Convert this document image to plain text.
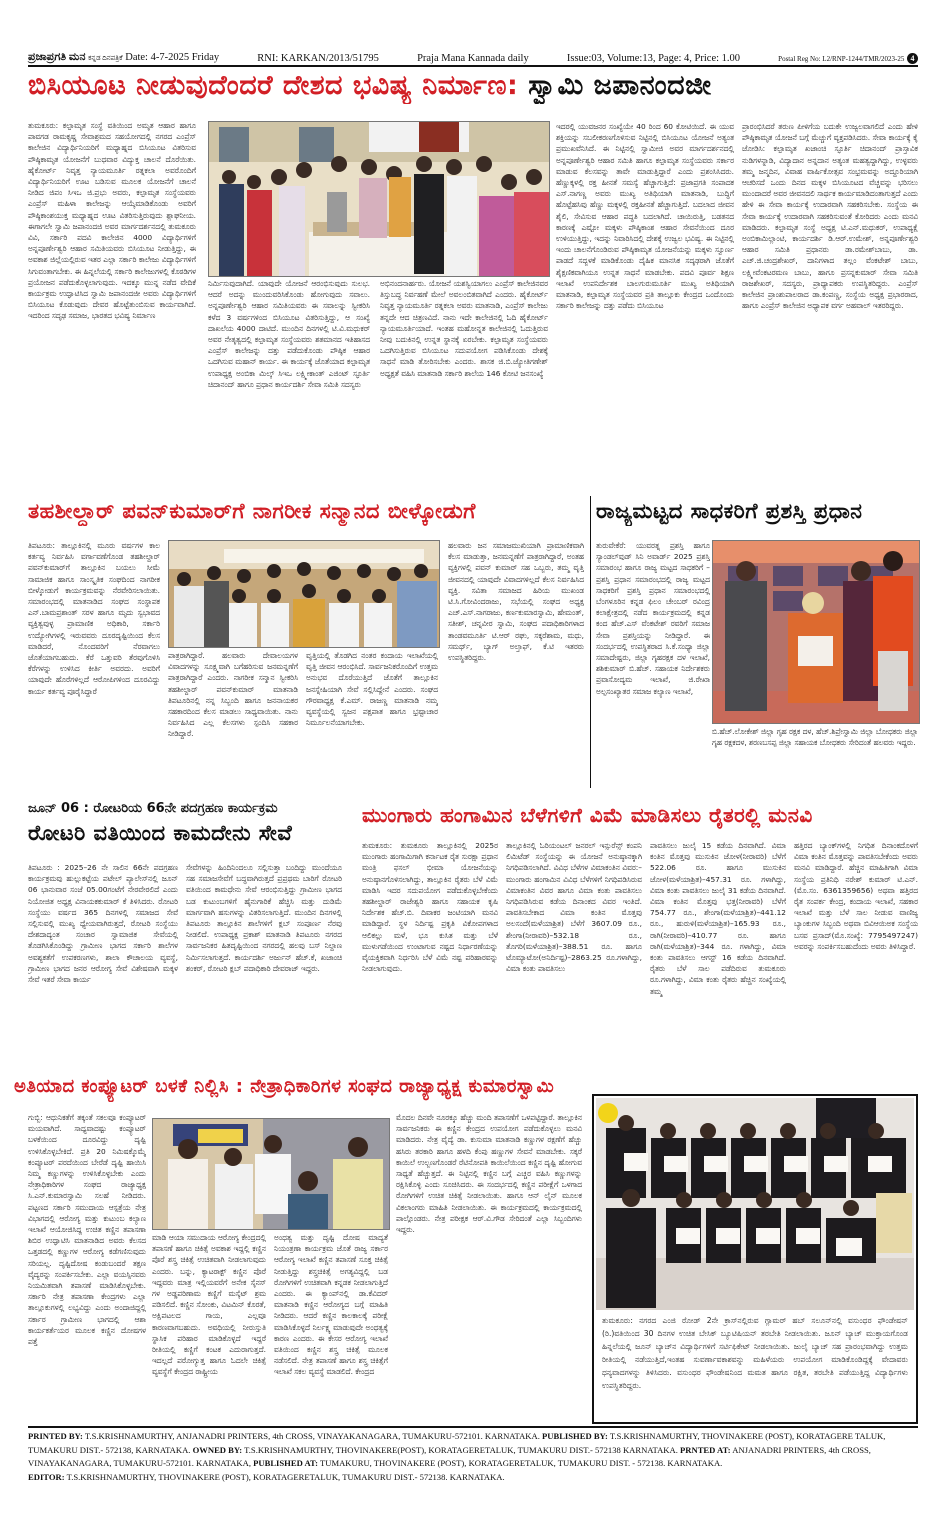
ಪ್ರಜಾಪ್ರಗತಿ ಮನ ಕನ್ನಡ ದಿನಪತ್ರಿಕೆ Date: 4-7-2025 Friday	RNI: KARKAN/2013/51795	Praja Mana Kannada daily	Issue:03, Volume:13, Page: 4, Price: 1.00	Postal Reg No: L2/RNP-1244/TMR/2023-25 4
ಬಿಸಿಯೂಟ ನೀಡುವುದೆಂದರೆ ದೇಶದ ಭವಿಷ್ಯ ನಿರ್ಮಾಣ: ಸ್ವಾಮಿ ಜಪಾನಂದಜೀ
ತುಮಕೂರು: ಕಲ್ಪಾಮೃತ ಸಂಸ್ಥೆ ವತಿಯಿಂದ ಅಮೃತ ಆಹಾರ ಹಾಗೂ ಪಾವಗಡ ರಾಮಕೃಷ್ಣ ಸೇವಾಶ್ರಮದ ಸಹಯೋಗದಲ್ಲಿ ನಗರದ ಎಂಪ್ರೆಸ್ ಕಾಲೇಜಿನ ವಿದ್ಯಾರ್ಥಿನಿಯರಿಗೆ ಮಧ್ಯಾಹ್ನದ ಬಿಸಿಯೂಟ ವಿತರಿಸುವ ಪೌಷ್ಠಿಕಾಮೃತ ಯೋಜನೆಗೆ ಬುಧವಾರ ವಿದ್ಯುಕ್ತ ಚಾಲನೆ ದೊರೆಯಿತು. ಹೈಕೋರ್ಟ್ ನಿವೃತ್ತ ನ್ಯಾಯಮೂರ್ತಿ ರತ್ನಕಲಾ ಅವರೊಂದಿಗೆ ವಿದ್ಯಾರ್ಥಿನಿಯರಿಗೆ ಊಟ ಬಡಿಸುವ ಮೂಲಕ ಯೋಜನೆಗೆ ಚಾಲನೆ ನೀಡಿದ ಜಿಪಂ ಸಿಇಒ ಜಿ.ಪ್ರಭು ಅವರು, ಕಲ್ಪಾಮೃತ ಸಂಸ್ಥೆಯವರು ಎಂಪ್ರೆಸ್ ಮಹಿಳಾ ಕಾಲೇಜನ್ನು ಆಯ್ಕೆಮಾಡಿಕೊಂಡು ಅವರಿಗೆ ಪೌಷ್ಠಿಕಾಂಶಯುಕ್ತ ಮಧ್ಯಾಹ್ನದ ಊಟ ವಿತರಿಸುತ್ತಿರುವುದು ಶ್ಲಾಘನೀಯ. ಈಗಾಗಲೇ ಸ್ವಾಮಿ ಜಪಾನಂದಜಿ ಅವರ ಮಾರ್ಗದರ್ಶನದಲ್ಲಿ ತುಮಕೂರು ವಿವಿ, ಸರ್ಕಾರಿ ಪದವಿ ಕಾಲೇಜಿನ 4000 ವಿದ್ಯಾರ್ಥಿಗಳಿಗೆ ಅನ್ನಪೂರ್ಣೇಶ್ವರಿ ಆಹಾರ ಸಮಿತಿಯವರು ಬಿಸಿಯೂಟ ನೀಡುತ್ತಿದ್ದು, ಈ ಅವಕಾಶ ಜಿಲ್ಲೆಯಲ್ಲಿರುವ ಇತರ ಎಲ್ಲಾ ಸರ್ಕಾರಿ ಕಾಲೇಜು ವಿದ್ಯಾರ್ಥಿಗಳಿಗೆ ಸಿಗುವಂತಾಗಬೇಕು. ಈ ಹಿನ್ನಲೆಯಲ್ಲಿ ಸರ್ಕಾರಿ ಕಾಲೇಜುಗಳಲ್ಲಿ ಕೊಠಡಿಗಳ ಪ್ರಯೋಜನ ಪಡೆದುಕೊಳ್ಳಲಾಗುವುದು. ಇದಕ್ಕೂ ಮುನ್ನ ನಡೆದ ವೇದಿಕೆ ಕಾರ್ಯಕ್ರಮ ಉದ್ಘಾಟಿಸಿದ ಸ್ವಾಮಿ ಜಪಾನಂದಜೀ ಅವರು ವಿದ್ಯಾರ್ಥಿಗಳಿಗೆ ಬಿಸಿಯೂಟ ಕೊಡುವುದು ದೇವರ ಹೊಟ್ಟೆತುಂಬಿಸುವ ಕಾರ್ಯವಾಗಿದೆ. ಇದರಿಂದ ಸದೃಢ ಸಮಾಜ, ಭಾರತದ ಭವಿಷ್ಯ ನಿರ್ಮಾಣ
ನಿರ್ಮಿಸುವುದಾಗಿದೆ. ಯಾವುದೇ ಯೋಜನೆ ಆರಂಭಿಸುವುದು ಸುಲಭ. ಆದರೆ ಅದನ್ನು ಮುಂದುವರಿಸಿಕೊಂಡು ಹೋಗುವುದು ಸವಾಲು. ಅನ್ನಪೂರ್ಣೇಶ್ವರಿ ಆಹಾರ ಸಮಿತಿಯವರು ಈ ಸವಾಲನ್ನು ಸ್ವೀಕರಿಸಿ ಕಳೆದ 3 ವರ್ಷಗಳಿಂದ ಬಿಸಿಯೂಟ ವಿತರಿಸುತ್ತಿದ್ದು, ಆ ಸಂಖ್ಯೆ ದಾಖಲೆಯ 4000 ದಾಟಿದೆ. ಮುಂದಿನ ದಿನಗಳಲ್ಲಿ ಟಿ.ವಿ.ಮಧುಕರ್ ಅವರ ನೇತೃತ್ವದಲ್ಲಿ ಕಲ್ಪಾಮೃತ ಸಂಸ್ಥೆಯವರು ಶತಮಾನದ ಇತಿಹಾಸದ ಎಂಪ್ರೆಸ್ ಕಾಲೇಜನ್ನು ದತ್ತು ಪಡೆದುಕೊಂಡು ಪೌಷ್ಠಿಕ ಆಹಾರ ಒದಗಿಸುವ ಮಹಾನ್ ಕಾರ್ಯ. ಈ ಕಾರ್ಯಕ್ಕೆ ಜೊತೆಯಾದ ಕಲ್ಪಾಮೃತ ಉಪಾಧ್ಯಕ್ಷ ಅಂಬಿಕಾ ಮಿಲ್ಕ್ ಸಿಇಒ ಲಕ್ಷ್ಮೀಕಾಂತ್ ಎಜಿಂಟ್ ಸ್ಫೂರ್ತಿ ಚಿದಾನಂದ್ ಹಾಗೂ ಪ್ರಧಾನ ಕಾರ್ಯದರ್ಶಿ ಸೇವಾ ಸಮಿತಿ ಸದಸ್ಯರು
ಅಭಿನಂದನಾರ್ಹರು. ಯೋಜನೆ ಯಶಸ್ವಿಯಾಗಲು ಎಂಪ್ರೆಸ್ ಕಾಲೇಜಿನವರ ತಿಸ್ತುಬದ್ಧ ನಿರ್ವಹಣೆ ಮೇಲೆ ಅವಲಂಬಿತವಾಗಿದೆ ಎಂದರು. ಹೈಕೋರ್ಟ್ ನಿವೃತ್ತ ನ್ಯಾಯಮೂರ್ತಿ ರತ್ನಕಲಾ ಅವರು ಮಾತನಾಡಿ, ಎಂಪ್ರೆಸ್ ಕಾಲೇಜು ತನ್ನದೇ ಆದ ಚಿತ್ರಣವಿದೆ. ನಾನು ಇದೇ ಕಾಲೇಜಿನಲ್ಲಿ ಓದಿ ಹೈಕೋರ್ಟ್ ನ್ಯಾಯಮೂರ್ತಿಯಾದೆ. ಇಂತಹ ಮಹೋನ್ನತ ಕಾಲೇಜಿನಲ್ಲಿ ಓದುತ್ತಿರುವ ನೀವು ಬದುಕಿನಲ್ಲಿ ಉನ್ನತ ಸ್ಥಾನಕ್ಕೆ ಏರಬೇಕು. ಕಲ್ಪಾಮೃತ ಸಂಸ್ಥೆಯವರು ಒದಗಿಸುತ್ತಿರುವ ಬಿಸಿಯೂಟ ಸದುಪಯೋಗ ಪಡಿಸಿಕೊಂಡು ದೇಶಕ್ಕೆ ಸಾಧನೆ ಮಾಡಿ ತೋರಿಸಬೇಕು ಎಂದರು. ಶಾಸಕ ಜಿ.ಬಿ.ಜ್ಯೋತಿಗಣೇಶ್ ಅಧ್ಯಕ್ಷತೆ ವಹಿಸಿ ಮಾತನಾಡಿ ಸರ್ಕಾರಿ ಶಾಲೆಯ 146 ಕೋಟಿ ಜನಸಂಖ್ಯೆ
ಇದರಲ್ಲಿ ಯುವಜನರ ಸಂಖ್ಯೆಯೇ 40 ರಿಂದ 60 ಕೋಟಿಯಿದೆ. ಈ ಯುವ ಶಕ್ತಿಯನ್ನು ಸಬಲೀಕರಣಗೊಳಿಸುವ ನಿಟ್ಟಿನಲ್ಲಿ ಬಿಸಿಯೂಟ ಯೋಜನೆ ಅತ್ಯಂತ ಪ್ರಮುಖವೆನಿಸಿದೆ. ಈ ನಿಟ್ಟಿನಲ್ಲಿ ಸ್ವಾಮೀಜಿ ಅವರ ಮಾರ್ಗದರ್ಶನದಲ್ಲಿ ಅನ್ನಪೂರ್ಣೇಶ್ವರಿ ಆಹಾರ ಸಮಿತಿ ಹಾಗೂ ಕಲ್ಪಾಮೃತ ಸಂಸ್ಥೆಯವರು ಸರ್ಕಾರ ಮಾಡುವ ಕೆಲಸವನ್ನು ತಾವೇ ಮಾಡುತ್ತಿದ್ದಾರೆ ಎಂದು ಪ್ರಶಂಸಿಸಿದರು. ಹೆಣ್ಣುಕ್ಕಳಲ್ಲಿ ರಕ್ತ ಹೀನತೆ ಸಮಸ್ಯೆ ಹೆಚ್ಚಾಗುತ್ತಿದೆ: ಪ್ರಜಾಪ್ರಗತಿ ಸಂಪಾದಕ ಎಸ್.ನಾಗಣ್ಣ ಅವರು ಮುಖ್ಯ ಅತಿಥಿಯಾಗಿ ಮಾತನಾಡಿ, ಬುದ್ಧಿಗೆ ಹೊಟ್ಟೆಹಸಿವು ಹೆಣ್ಣು ಮಕ್ಕಳಲ್ಲಿ ರಕ್ತಹೀನತೆ ಹೆಚ್ಚಾಗುತ್ತಿದೆ. ಬದಲಾದ ಜೀವನ ಶೈಲಿ, ಸೇವಿಸುವ ಆಹಾರ ಪದ್ಧತಿ ಬದಲಾಗಿದೆ. ಚಾಯಿರುತ್ತಿ, ಬಡತನದ ಕಾರಣಕ್ಕೆ ಎಷ್ಟೋ ಮಕ್ಕಳು ಪೌಷ್ಠಿಕಾಂಶ ಆಹಾರ ಸೇವನೆಯಿಂದ ದೂರ ಉಳಿಯುತ್ತಿದ್ದು, ಇದನ್ನು ನಿವಾರಿಸಿದಲ್ಲಿ ದೇಶಕ್ಕೆ ಉಜ್ವಲ ಭವಿಷ್ಯ. ಈ ನಿಟ್ಟಿನಲ್ಲಿ ಇಂದು ಚಾಲನೆಗೊಂಡಿರುವ ಪೌಷ್ಠಿಕಾಮೃತ ಯೋಜನೆಯನ್ನು ಮಕ್ಕಳು ಸ್ವೂರ್ಣ ಪಾಡದೆ ಸದ್ಬಳಕೆ ಮಾಡಿಕೊಂಡು ದೈಹಿಕ ಮಾನಸಿಕ ಸದೃಢರಾಗಿ ಜೊತೆಗೆ ಶೈಕ್ಷಣಿಕವಾಗಿಯೂ ಉನ್ನತ ಸಾಧನೆ ಮಾಡಬೇಕು. ಪದವಿ ಪೂರ್ವ ಶಿಕ್ಷಣ ಇಲಾಖೆ ಉಪನಿರ್ದೇಶಕ ಬಾಲಗುರುಮೂರ್ತಿ ಮುಖ್ಯ ಅತಿಥಿಯಾಗಿ ಮಾತನಾಡಿ, ಕಲ್ಪಾಮೃತ ಸಂಸ್ಥೆಯವರ ಪ್ರತಿ ತಾಲ್ಲೂಕು ಕೇಂದ್ರದ ಒಂದೊಂದು ಸರ್ಕಾರಿ ಕಾಲೇಜನ್ನು ದತ್ತು ಪಡೆದು ಬಿಸಿಯೂಟ
ಪ್ರಾರಂಭಿಸಿದರೆ ತರುಣ ಪೀಳಿಗೆಯ ಬದುಕೇ ಉಜ್ವಲವಾಗಲಿದೆ ಎಂದು ಹೇಳಿ ಪೌಷ್ಠಿಕಾಮೃತ ಯೋಜನೆ ಬಗ್ಗೆ ಮೆಚ್ಚುಗೆ ವ್ಯಕ್ತಪಡಿಸಿದರು. ಸೇವಾ ಕಾರ್ಯಕ್ಕೆ ಕೈ ಜೋಡಿಸಿ: ಕಲ್ಪಾಮೃತ ಖಜಾಂಚಿ ಸ್ಫೂರ್ತಿ ಚಿದಾನಂದ್ ಪ್ರಾಸ್ತಾವಿಕ ನುಡಿಗಳನ್ನಾಡಿ, ವಿದ್ಯಾದಾನ ಅನ್ನದಾನ ಅತ್ಯಂತ ಮಹತ್ವದ್ದಾಗಿದ್ದು, ಉಳ್ಳವರು ತಮ್ಮ ಜನ್ಮದಿನ, ವಿವಾಹ ವಾರ್ಷಿಕೋತ್ಸವ ಸಂಭ್ರಮವನ್ನು ಅದ್ದೂರಿಯಾಗಿ ಆಚರಿಸದೆ ಒಂದು ದಿನದ ಮಕ್ಕಳ ಬಿಸಿಯೂಟದ ವೆಚ್ಚವನ್ನು ಭರಿಸಲು ಮುಂದಾದರೆ ಅವರ ಜೀವನದಲಿ ಸಾರ್ಥಕ ಕಾರ್ಯಮಾಡಿದಂತಾಗುತ್ತದೆ ಎಂದು ಹೇಳಿ ಈ ಸೇವಾ ಕಾರ್ಯಕ್ಕೆ ಉದಾರವಾಗಿ ಸಹಕರಿಸಬೇಕು. ಸಂಸ್ಥೆಯ ಈ ಸೇವಾ ಕಾರ್ಯಕ್ಕೆ ಉದಾರವಾಗಿ ಸಹಕರಿಸುವಂತೆ ಕೋರಿದರು ಎಂದು ಮನವಿ ಮಾಡಿದರು. ಕಲ್ಪಾಮೃತ ಸಂಸ್ಥೆ ಅಧ್ಯಕ್ಷ ಟಿ.ಎನ್.ಮಧುಕರ್, ಉಪಾಧ್ಯಕ್ಷೆ ಅಂಬಿಕಾಮಿಲ್ಲಾಂಟಿ, ಕಾರ್ಯದರ್ಶಿ ಡಿ.ಆರ್.ಉಮೇಶ್, ಅನ್ನಪೂರ್ಣೇಶ್ವರಿ ಆಹಾರ ಸಮಿತಿ ಪ್ರಧಾನರು ಡಾ.ರಮೇಶ್‌ಬಾಬು, ಡಾ. ಎಚ್.ಜಿ.ಚಂದ್ರಶೇಖರ್, ದಾನಿಗಳಾದ ತಲ್ಲಂ ವೆಂಕಟೇಶ್ ಬಾಬು, ಲಕ್ಷ್ಮೀವೆಂಕಟರಮಣ ಬಾಬು, ಹಾಗೂ ಪ್ರಸನ್ನಕುಮಾರ್ ಸೇವಾ ಸಮಿತಿ ರಾಜಶೇಖರ್, ಸದಸ್ಯರು, ಪ್ರಾಧ್ಯಾಪಕರು ಉಪಸ್ಥಿತರಿದ್ದರು. ಎಂಪ್ರೆಸ್ ಕಾಲೇಜಿನ ಪ್ರಾಂಶುಪಾಲರಾದ ಡಾ.ಕಂಪಣ್ಣ, ಸಂಸ್ಥೆಯ ಅಧ್ಯಕ್ಷ ಪ್ರಭಾರರಾದ, ಹಾಗೂ ಎಂಪ್ರೆಸ್ ಕಾಲೇಜಿನ ಅಧ್ಯಾಪಕ ವರ್ಗ ಅಹವಾಲ್ ಇತರರಿದ್ದರು.
ತಹಶೀಲ್ದಾರ್ ಪವನ್‌ಕುಮಾರ್‌ಗೆ ನಾಗರೀಕ ಸನ್ಮಾನದ ಬೀಳ್ಕೋಡುಗೆ
ತಿಪಟೂರು: ತಾಲ್ಲೂಕಿನಲ್ಲಿ ಮೂರು ವರ್ಷಗಳ ಕಾಲ ಕರ್ತವ್ಯ ನಿರ್ವಹಿಸಿ ವರ್ಗಾವಣೆಗೊಂಡ ತಹಶೀಲ್ದಾರ್ ಪವನ್‌ಕುಮಾರ್‌ಗೆ ತಾಲ್ಲೂಕಿನ ಬಯಲು ಸೀಮೆ ಸಾಮಾಜಿಕ ಹಾಗೂ ಸಾಂಸ್ಕೃತಿಕ ಸಂಘದಿಂದ ನಾಗರೀಕ ಬೀಳ್ಕೋಡುಗೆ ಕಾರ್ಯಕ್ರಮವನ್ನು ನೆರವೇರಿಸಲಾಯಿತು. ಸಮಾರಂಭದಲ್ಲಿ ಮಾತನಾಡಿದ ಸಂಘದ ಸಂಸ್ಥಾಪಕ ಎನ್.ಬಾಮಪ್ರಶಾಂತ್ ಸರಳ ಹಾಗೂ ಮೃದು ಸ್ವಭಾವದ ವ್ಯಕ್ತಿತ್ವವುಳ್ಳ ಪ್ರಾಮಾಣಿಕ ಅಧಿಕಾರಿ, ಸರ್ಕಾರಿ ಉದ್ಯೋಗಿಗಳಲ್ಲಿ ಇರುವವರು ದೂರದೃಷ್ಟಿಯಿಂದ ಕೆಲಸ ಮಾಡಿದರೆ, ನೊಂದವರಿಗೆ ನೆರವಾಗಲು ಜೊತೆಯಾಗಬಹುದು. ಕೆರೆ ಒತ್ತುವರಿ ತೆರವುಗೊಳಿಸಿ ಕೆರೆಗಳನ್ನು ಉಳಿಸಿದ ಕೀರ್ತಿ ಅವರದು. ಅವರಿಗೆ ಯಾವುದೇ ಹೊರೆಗಳಿಲ್ಲದೆ ಆರೋಪಿಗಳಿಂದ ದೂರವಿದ್ದು ಕಾರ್ಯ ಕರ್ತವ್ಯ ಪೂರೈಸಿದ್ದಾರೆ
ಪಾತ್ರರಾಗಿದ್ದಾರೆ. ಹಲವಾರು ದೇವಾಲಯಗಳ ವಿವಾದಗಳನ್ನು ಸೂಕ್ಷ್ಮವಾಗಿ ಬಗೆಹರಿಸುವ ಜನಮನ್ನಣೆಗೆ ಪಾತ್ರರಾಗಿದ್ದಾರೆ ಎಂದರು. ನಾಗರೀಕ ಸನ್ಮಾನ ಸ್ವೀಕರಿಸಿ ತಹಶೀಲ್ದಾರ್ ಪವನ್‌ಕುಮಾರ್ ಮಾತನಾಡಿ ತಿಪಟೂರಿನಲ್ಲಿ ನನ್ನ ಸಿಬ್ಬಂದಿ ಹಾಗೂ ಜನನಾಯಕರ ಸಹಕಾರದಿಂದ ಕೆಲಸ ಮಾಡಲು ಸಾಧ್ಯವಾಯಿತು. ನಾನು ನಿರ್ವಹಿಸಿದ ಎಲ್ಲ ಕೆಲಸಗಳು ಸ್ಪಂದಿಸಿ ಸಹಕಾರ ನೀಡಿದ್ದಾರೆ.
ವೃತ್ತಿಯಲ್ಲಿ ತೊಡಗಿದ ನಂತರ ಕಂದಾಯ ಇಲಾಖೆಯಲ್ಲಿ ವೃತ್ತಿ ಜೀವನ ಆರಂಭಿಸಿದೆ. ಸಾರ್ವಜನಿಕರೊಂದಿಗೆ ಉತ್ತಮ ಅನುಭವ ದೊರೆಯುತ್ತಿದೆ ಜೊತೆಗೆ ತಾಲ್ಲೂಕಿನ ಜನಸ್ನೇಹಿಯಾಗಿ ಸೇವೆ ಸಲ್ಲಿಸಿದ್ದೇನೆ ಎಂದರು. ಸಂಘದ ಗೌರವಾಧ್ಯಕ್ಷ ಕೆ.ಎಮ್. ರಾಜಣ್ಣ ಮಾತನಾಡಿ ನಮ್ಮ ವ್ಯವಸ್ಥೆಯಲ್ಲಿ ಸ್ವಜನ ಪಕ್ಷಪಾತ ಹಾಗೂ ಭ್ರಷ್ಟಾಚಾರ ನಿರ್ಮೂಲನೆಯಾಗಬೇಕು.
ಹಲವಾರು ಜನ ಸಮಾಜಮುಖಿಯಾಗಿ ಪ್ರಾಮಾಣಿಕವಾಗಿ ಕೆಲಸ ಮಾಡುತ್ತಾ, ಜನಮನ್ನಣೆಗೆ ಪಾತ್ರರಾಗಿದ್ದಾರೆ, ಅಂತಹ ವ್ಯಕ್ತಿಗಳಲ್ಲಿ ಪವನ್ ಕುಮಾರ್ ಸಹ ಒಬ್ಬರು, ತಮ್ಮ ವೃತ್ತಿ ಜೀವನದಲ್ಲಿ ಯಾವುದೇ ವಿವಾದಗಳಿಲ್ಲದೆ ಕೆಲಸ ನಿರ್ವಹಿಸಿದ ವ್ಯಕ್ತಿ. ಸವಿತಾ ಸಮಾಜದ ಹಿರಿಯ ಮುಖಂಡ ಟಿ.ಸಿ.ಗೋವಿಂದರಾಜು, ಸಭೆಯಲ್ಲಿ ಸಂಘದ ಅಧ್ಯಕ್ಷ ಎಚ್.ಎಸ್.ನಾಗರಾಜು, ಕರ್ಣಕುಮಾರಸ್ವಾಮಿ, ಹೇಮಂತ್, ಸತೀಶ್, ಚನ್ನವೀರ ಸ್ವಾಮಿ, ಸಂಘದ ಪದಾಧಿಕಾರಿಗಳಾದ ತಾಂಡವಮೂರ್ತಿ ಟಿ.ಆರ್ ರಘು, ಸಕ್ಕರೆಶಾಮ, ಮಧು, ಸಮರ್ಥ್, ಬ್ಯಾಗ್ ಅಲ್ತಾಫ್, ಕೆ.ಟಿ ಇತರರು ಉಪಸ್ಥಿತರಿದ್ದರು.
ರಾಜ್ಯಮಟ್ಟದ ಸಾಧಕರಿಗೆ ಪ್ರಶಸ್ತಿ ಪ್ರಧಾನ
ತುರುವೇಕೆರೆ: ಯುವರತ್ನ ಪ್ರಶಸ್ತಿ ಹಾಗೂ ಸ್ಯಾಂಡಲ್‌ವುಡ್ ಸಿನಿ ಅವಾರ್ಡ್ 2025 ಪ್ರಶಸ್ತಿ ಸಮಾರಂಭ ಹಾಗೂ ರಾಜ್ಯ ಮಟ್ಟದ ಸಾಧಕರಿಗೆ – ಪ್ರಶಸ್ತಿ ಪ್ರಧಾನ ಸಮಾರಂಭದಲ್ಲಿ ರಾಜ್ಯ ಮಟ್ಟದ ಸಾಧಕರಿಗೆ ಪ್ರಶಸ್ತಿ ಪ್ರಧಾನ ಸಮಾರಂಭದಲ್ಲಿ ಬೆಂಗಳೂರಿನ ಕನ್ನಡ ಫಿಲಂ ಚೇಂಬರ್ ರವಿಂದ್ರ ಕಲಾಕ್ಷೇತ್ರದಲ್ಲಿ ನಡೆದ ಕಾರ್ಯಕ್ರಮದಲ್ಲಿ ಕನ್ನಡ ಕಂದ ಹೆಚ್.ಎಸ್ ವೆಂಕಟೇಶ್ ರವರಿಗೆ ಸಮಾಜ ಸೇವಾ ಪ್ರಶಸ್ತಿಯನ್ನು ನೀಡಿದ್ದಾರೆ. ಈ ಸಂದರ್ಭದಲ್ಲಿ ಉಪಸ್ಥಿತರಾದ ಸಿ.ಕೆ.ಸಂಧ್ಯಾ ಜಿಲ್ಲಾ ಸಮಾದೇಷ್ಟರು, ಜಿಲ್ಲಾ ಗೃಹರಕ್ಷಕ ದಳ ಇಲಾಖೆ, ಶಶಿಕುಮಾರ್ ಬಿ.ಹೆಚ್. ಸಹಾಯಕ ನಿರ್ದೇಶಕರು ಪ್ರವಾಸೋದ್ಯಮ ಇಲಾಖೆ, ಜಿ.ರೇಖಾ ಅಲ್ಪಸಂಖ್ಯಾತರ ಸಮಾಜ ಕಲ್ಯಾಣ ಇಲಾಖೆ,
ಬಿ.ಹೆಚ್.ಲೋಕೇಶ್ ಜಿಲ್ಲಾ ಗೃಹ ರಕ್ಷಕ ದಳ, ಹೆಚ್.ಶಿಪ್ರೇಸ್ವಾಮಿ ಜಿಲ್ಲಾ ಬೋಧಕರು ಜಿಲ್ಲಾ ಗೃಹ ರಕ್ಷಕದಳ, ಶರಣಬಸಪ್ಪ ಜಿಲ್ಲಾ ಸಹಾಯಕ ಬೋಧಕರು ಸೇರಿದಂತೆ ಹಲವರು ಇದ್ದರು.
ಜೂನ್ 06 : ರೋಟರಿಯ 66ನೇ ಪದಗ್ರಹಣ ಕಾರ್ಯಕ್ರಮ
ರೋಟರಿ ವತಿಯಿಂದ ಕಾಮದೇನು ಸೇವೆ
ತಿಪಟೂರು : 2025–26 ನೇ ಸಾಲಿನ 66ನೇ ಪದಗ್ರಹಣ ಕಾರ್ಯಕ್ರಮವು ಹುಲ್ಲುಕಟ್ಟೆಯ ಪಟೇಲ್ ಪ್ಯಾಲೇಸ್‌ನಲ್ಲಿ ಜೂನ್ 06 ಭಾನುವಾರ ಸಂಜೆ 05.00ಗಂಟೆಗೆ ನೇರವೇರಲಿದೆ ಎಂದು ನಿಯೋಜಿತ ಅಧ್ಯಕ್ಷ ವಿನಾಯಕಕುಮಾರ್ ಕೆ ತಿಳಿಸಿದರು. ರೋಟರಿ ಸಂಸ್ಥೆಯು ವರ್ಷದ 365 ದಿನಗಳಲ್ಲಿ ಸಮಾಜದ ಸೇವೆ ಸಲ್ಲಿಸುವಲ್ಲಿ ಮುಖ್ಯ ಧ್ಯೇಯವಾಗಿರುತ್ತದೆ, ರೋಟರಿ ಸಂಸ್ಥೆಯು ದೇಶದಾದ್ಯಂತ ಸಂಚಾರ ಸ್ವಾಮಾಜಿಕ ಸೇವೆಯಲ್ಲಿ ತೊಡಗಿಸಿಕೊಂಡಿದ್ದು ಗ್ರಾಮೀಣ ಭಾಗದ ಸರ್ಕಾರಿ ಶಾಲೆಗಳ ಅವಶ್ಯಕತೆಗೆ ಉಪಕರಣಗಳು, ಶಾಲಾ ಕೌಚಾಲಯ ವ್ಯವಸ್ಥೆ, ಗ್ರಾಮೀಣ ಭಾಗದ ಜನರ ಆರೋಗ್ಯ ಸೇವೆ ವಿಶೇಷವಾಗಿ ಮಕ್ಕಳ ಸೇವೆ ಇತರೆ ಸೇವಾ ಕಾರ್ಯ
ಸೇವೆಗಳನ್ನು ಹಿಂದಿನಿಂದಲೂ ಸಲ್ಲಿಸುತ್ತಾ ಬಂದಿದ್ದು ಮುಂದೆಯೂ ಸಹ ಸಮಾಜಸೇವೆಗೆ ಬದ್ಧವಾಗಿರುತ್ತದೆ ಪ್ರಪ್ರಥಮ ಬಾರಿಗೆ ರೋಟರಿ ವತಿಯಿಂದ ಕಾಮಧೇನು ಸೇವೆ ಆರಂಭಿಸುತ್ತಿದ್ದು ಗ್ರಾಮೀಣ ಭಾಗದ ಬಡ ಕುಟುಂಬಗಳಿಗೆ ಹೈನುಗಾರಿಕೆ ಹೆಚ್ಚಿಸಿ ಮತ್ತು ದುಡಿಮೆ ಮಾರ್ಗವಾಗಿ ಹಸುಗಳನ್ನು ವಿತರಿಸಲಾಗುತ್ತಿದೆ. ಮುಂದಿನ ದಿನಗಳಲ್ಲಿ ತಿಪಟೂರು ತಾಲ್ಲೂಕಿನ ಶಾಲೆಗಳಿಗೆ ಕ್ಲಬ್ ಸಂಪೂರ್ಣ ನೆರವು ನೀಡಲಿದೆ. ಉಪಾಧ್ಯಕ್ಷ ಪ್ರಕಾಶ್ ಮಾತನಾಡಿ ತಿಪಟೂರು ನಗರದ ಸಾರ್ವಜನಿಕರ ಹಿತದೃಷ್ಟಿಯಿಂದ ನಗರದಲ್ಲಿ ಹಲವು ಬಸ್ ನಿಲ್ದಾಣ ನಿರ್ಮಿಸಲಾಗುತ್ತದೆ. ಕಾರ್ಯದರ್ಶಿ ಅರ್ಜುನ್ ಹೆಚ್.ಕೆ, ಖಜಾಂಚಿ ಶಂಕರ್, ರೋಟರಿ ಕ್ಲಬ್ ಪದಾಧಿಕಾರಿ ದೇವರಾಜ್ ಇದ್ದರು.
ಮುಂಗಾರು ಹಂಗಾಮಿನ ಬೆಳೆಗಳಿಗೆ ವಿಮೆ ಮಾಡಿಸಲು ರೈತರಲ್ಲಿ ಮನವಿ
ತುಮಕೂರು: ತುಮಕೂರು ತಾಲ್ಲೂಕಿನಲ್ಲಿ 2025ರ ಮುಂಗಾರು ಹಂಗಾಮಿಗಾಗಿ ಕರ್ನಾಟಕ ರೈತ ಸುರಕ್ಷಾ ಪ್ರಧಾನ ಮಂತ್ರಿ ಫಸಲ್ ಭೀಮಾ ಯೋಜನೆಯನ್ನು ಅನುಷ್ಠಾನಗೊಳಿಸಲಾಗಿದ್ದು, ತಾಲ್ಲೂಕಿನ ರೈತರು ಬೆಳೆ ವಿಮೆ ಮಾಡಿಸಿ ಇದರ ಸದುಪಯೋಗ ಪಡೆದುಕೊಳ್ಳಬೇಕೆಂದು ತಹಶೀಲ್ದಾರ್ ರಾಜೇಶ್ವರಿ ಹಾಗೂ ಸಹಾಯಕ ಕೃಷಿ ನಿರ್ದೇಶಕ ಹೆಚ್.ಬಿ. ದಿವಾಕರ ಜಂಟಿಯಾಗಿ ಮನವಿ ಮಾಡಿದ್ದಾರೆ. ಸ್ಥಳ ನಿರ್ದಿಷ್ಟ ಪ್ರಕೃತಿ ವಿಕೋಪಗಳಾದ ಆಲಿಕಲ್ಲು ಮಳೆ, ಭೂ ಕುಸಿತ ಮತ್ತು ಬೆಳೆ ಮುಳುಗಡೆಯಿಂದ ಉಂಟಾಗುವ ನಷ್ಟದ ನಿರ್ಧಾರಣೆಯನ್ನು ವೈಯಕ್ತಿಕವಾಗಿ ನಿರ್ಧರಿಸಿ ಬೆಳೆ ವಿಮೆ ನಷ್ಟ ಪರಿಹಾರವನ್ನು ನೀಡಲಾಗುವುದು.
ತಾಲ್ಲೂಕಿನಲ್ಲಿ ಓರಿಯಂಟಲ್ ಜನರಲ್ ಇನ್ಸುರೆನ್ಸ್ ಕಂಪನಿ ಲಿಮಿಟೆಡ್ ಸಂಸ್ಥೆಯನ್ನು ಈ ಯೋಜನೆ ಅನುಷ್ಠಾನಕ್ಕಾಗಿ ನಿಗಧಿಪಡಿಸಲಾಗಿದೆ. ವಿವಿಧ ಬೆಳೆಗಳ ವಿಮಾಕಂತಿನ ವಿವರ:– ಮುಂಗಾರು ಹಂಗಾಮಿನ ವಿವಿಧ ಬೆಳೆಗಳಿಗೆ ನಿಗಧಿಪಡಿಸಿರುವ ವಿಮಾಕಂತಿನ ವಿವರ ಹಾಗೂ ವಿಮಾ ಕಂತು ಪಾವತಿಸಲು ನಿಗಧಿಪಡಿಸಿರುವ ಕಡೆಯ ದಿನಾಂಕದ ವಿವರ ಇಂತಿದೆ. ಪಾವತಿಸಬೇಕಾದ ವಿಮಾ ಕಂತಿನ ಮೊತ್ತವು ಅಲಸಂದೆ(ಮಳೆಯಾಶ್ರಿತ) ಬೆಳೆಗೆ 3607.09 ರೂ., ಶೇಂಗಾ(ನೀರಾವರಿ)–532.18 ರೂ., ತೊಗರಿ(ಮಳೆಯಾಶ್ರಿತ)–388.51 ರೂ. ಹಾಗೂ ಟೊಮ್ಯಾಟೋ(ಅನಿರ್ದಿಷ್ಟ)–2863.25 ರೂ.ಗಳಾಗಿದ್ದು, ವಿಮಾ ಕಂತು ಪಾವತಿಸಲು
ಪಾವತಿಸಲು ಜುಲೈ 15 ಕಡೆಯ ದಿನವಾಗಿದೆ. ವಿಮಾ ಕಂತಿನ ಮೊತ್ತವು ಮುಸುಕಿನ ಜೋಳ(ನೀರಾವರಿ) ಬೆಳೆಗೆ 522.06 ರೂ. ಹಾಗೂ ಮುಸುಕಿನ ಜೋಳ(ಮಳೆಯಾಶ್ರಿತ)–457.31 ರೂ. ಗಳಾಗಿದ್ದು, ವಿಮಾ ಕಂತು ಪಾವತಿಸಲು ಜುಲೈ 31 ಕಡೆಯ ದಿನವಾಗಿದೆ. ವಿಮಾ ಕಂತಿನ ಮೊತ್ತವು ಭತ್ತ(ನೀರಾವರಿ) ಬೆಳೆಗೆ 754.77 ರೂ., ಶೇಂಗಾ(ಮಳೆಯಾಶ್ರಿತ)–441.12 ರೂ., ಹುರುಳಿ(ಮಳೆಯಾಶ್ರಿತ)–165.93 ರೂ., ರಾಗಿ(ನೀರಾವರಿ)–410.77 ರೂ. ಹಾಗೂ ರಾಗಿ(ಮಳೆಯಾಶ್ರಿತ)–344 ರೂ. ಗಳಾಗಿದ್ದು, ವಿಮಾ ಕಂತು ಪಾವತಿಸಲು ಆಗಸ್ಟ್ 16 ಕಡೆಯ ದಿನವಾಗಿದೆ. ರೈತರು ಬೆಳೆ ಸಾಲ ಪಡೆದಿರುವ ತುಮಕೂರು ರೂ.ಗಳಾಗಿದ್ದು, ವಿಮಾ ಕಂತು ರೈತರು ಹೆಚ್ಚಿನ ಸಂಖ್ಯೆಯಲ್ಲಿ ತಮ್ಮ
ಹತ್ತಿರದ ಬ್ಯಾಂಕ್‌ಗಳಲ್ಲಿ ನಿಗಧಿತ ದಿನಾಂಕದೊಳಗೆ ವಿಮಾ ಕಂತಿನ ಮೊತ್ತವನ್ನು ಪಾವತಿಸಬೇಕೆಂದು ಅವರು ಮನವಿ ಮಾಡಿದ್ದಾರೆ. ಹೆಚ್ಚಿನ ಮಾಹಿತಿಗಾಗಿ ವಿಮಾ ಸಂಸ್ಥೆಯ ಪ್ರತಿನಿಧಿ ನರೇಶ್ ಕುಮಾರ್ ಟಿ.ಎನ್. (ಮೊ.ಸಂ. 6361359656) ಅಥವಾ ಹತ್ತಿರದ ರೈತ ಸಂಪರ್ಕ ಕೇಂದ್ರ, ಕಂದಾಯ ಇಲಾಖೆ, ಸಹಕಾರ ಇಲಾಖೆ ಮತ್ತು ಬೆಳೆ ಸಾಲ ನೀಡುವ ವಾಣಿಜ್ಯ ಬ್ಯಾಂಕುಗಳ ಸಿಬ್ಬಂದಿ ಅಥವಾ ಬಿವಿಆಯಿಅಕ ಸಂಸ್ಥೆಯ ಬಸವ ಪ್ರಸಾದ್(ಮೊ.ಸಂಖ್ಯೆ: 7795497247) ಅವರನ್ನು ಸಂಪರ್ಕಿಸಬಹುದೆಂದು ಅವರು ತಿಳಿಸಿದ್ದಾರೆ.
ಅತಿಯಾದ ಕಂಪ್ಯೂಟರ್ ಬಳಕೆ ನಿಲ್ಲಿಸಿ : ನೇತ್ರಾಧಿಕಾರಿಗಳ ಸಂಘದ ರಾಜ್ಯಾಧ್ಯಕ್ಷ ಕುಮಾರಸ್ವಾಮಿ
ಗುಬ್ಬಿ: ಆಧುನಿಕತೆಗೆ ತಕ್ಕಂತೆ ಸಕಲವೂ ಕಂಪ್ಯೂಟರ್ ಮಯವಾಗಿದೆ. ಸಾಧ್ಯವಾದಷ್ಟು ಕಂಪ್ಯೂಟರ್ ಬಳಕೆಯಿಂದ ದೂರವಿದ್ದು ದೃಷ್ಟಿ ಉಳಿಸಿಕೊಳ್ಳಬೇಕಿದೆ. ಪ್ರತಿ 20 ನಿಮಿಷಕ್ಕೊಮ್ಮೆ ಕಂಪ್ಯೂಟರ್ ಪರದೆಯಿಂದ ಬೇರೆಡೆ ದೃಷ್ಟಿ ಹಾಯಿಸಿ ನಿಮ್ಮ ಕಣ್ಣುಗಳನ್ನು ಉಳಿಸಿಕೊಳ್ಳಬೇಕು ಎಂದು ನೇತ್ರಾಧಿಕಾರಿಗಳ ಸಂಘದ ರಾಜ್ಯಾಧ್ಯಕ್ಷ ಸಿ.ಎನ್.ಕುಮಾರಸ್ವಾಮಿ ಸಲಹೆ ನೀಡಿದರು. ಪಟ್ಟಣದ ಸರ್ಕಾರಿ ಸಮುದಾಯ ಆಸ್ಪತ್ರೆಯ ನೇತ್ರ ವಿಭಾಗದಲ್ಲಿ ಆರೋಗ್ಯ ಮತ್ತು ಕುಟುಂಬ ಕಲ್ಯಾಣ ಇಲಾಖೆ ಆಯೋಜಿಸಿದ್ದ ಉಚಿತ ಕಣ್ಣಿನ ತಪಾಸಣಾ ಶಿಬಿರ ಉದ್ಘಾಟಿಸಿ ಮಾತನಾಡಿದ ಅವರು ಕೆಲಸದ ಒತ್ತಡದಲ್ಲಿ ಕಣ್ಣುಗಳ ಆರೋಗ್ಯ ಕಡೆಗಣಿಸುವುದು ಸರಿಯಲ್ಲ. ದೃಷ್ಟಿದೋಷ ಕಂಡುಬಂದರೆ ತಕ್ಷಣ ವೈದ್ಯರನ್ನು ಸಂಪರ್ಕಿಸಬೇಕು. ಎಲ್ಲಾ ವಯಸ್ಸಿನವರು ನಿಯಮಿತವಾಗಿ ತಪಾಸಣೆ ಮಾಡಿಸಿಕೊಳ್ಳಬೇಕು. ಸರ್ಕಾರಿ ನೇತ್ರ ತಪಾಸಣಾ ಕೇಂದ್ರಗಳು ಎಲ್ಲಾ ತಾಲ್ಲೂಕುಗಳಲ್ಲಿ ಲಭ್ಯವಿದ್ದು ಎಂದು ಅಂದಾಜಿದ್ದಲ್ಲಿ ಸರ್ಕಾರ ಗ್ರಾಮೀಣ ಭಾಗದಲ್ಲಿ ಆಶಾ ಕಾರ್ಯಕರ್ತೆಯರ ಮೂಲಕ ಕಣ್ಣಿನ ದೋಷಗಳ ಪತ್ತೆ
ಮಾಡಿ ಆಯಾ ಸಮುದಾಯ ಆರೋಗ್ಯ ಕೇಂದ್ರದಲ್ಲಿ ತಪಾಸಣೆ ಹಾಗೂ ಚಿಕಿತ್ಸೆ ಅವಕಾಶ ಇದ್ದಲ್ಲಿ ಕಣ್ಣಿನ ಪೊರೆ ಶಸ್ತ್ರ ಚಿಕಿತ್ಸೆ ಉಚಿತವಾಗಿ ನೀಡಲಾಗುವುದು ಎಂದರು. ಬನ್ನು, ಕ್ಯಾಟರಾಕ್ಟ್ ಕಣ್ಣಿನ ಪೊರೆ ಇದ್ದವರು ಮಾತ್ರ ಇಲ್ಲಿಯವರೆಗೆ ಅನೇಕ ಸೈನಸ್ ಗಳ ಅಡ್ಡಪರಿಣಾಮ ಕಣ್ಣಿಗೆ ಮಸ್ಕೆಟ್ ಶ್ರಮ ಪಡಿಸಲಿದೆ. ಕಣ್ಣಿನ ಸೋಂಕು, ವಿಟಮಿನ್ ಕೊರತೆ, ಅಕ್ಷಿಪಟಲದ ಗಾಯ, ಎಲ್ಲವೂ ಕಾರಣವಾಗಬಹುದು. ಅವಧಿಯಲ್ಲಿ ನೀರುಸ್ತುತಿ ಸ್ಥಾಸಿಕ ಪರಿಹಾರ ಮಾಡಿಕೊಳ್ಳದೆ ಇದ್ದರೆ ರೀತಿಯಲ್ಲಿ ಕಣ್ಣಿಗೆ ಕಂಟಕ ಎದುರಾಗುತ್ತದೆ. ಇದಲ್ಲದೆ ಪರೋಗ್ಯುತ್ತ ಹಾಗೂ ಓದಲೇ ಚಿಕಿತ್ಸೆ ವ್ಯವಸ್ಥೆಗೆ ಕೇಂದ್ರದ ರಾಷ್ಟ್ರೀಯ
ಅಂಧತ್ವ ಮತ್ತು ದೃಷ್ಟಿ ದೋಷ ಮಾದ್ಯತೆ ನಿಯಂತ್ರಣಾ ಕಾರ್ಯಕ್ರಮ ಜೊತೆ ರಾಜ್ಯ ಸರ್ಕಾರ ಆರೋಗ್ಯ ಇಲಾಖೆ ಕಣ್ಣಿನ ತಪಾಸಣೆ ಸೂಕ್ತ ಚಿಕಿತ್ಸೆ ನೀಡುತ್ತಿದ್ದು ಶಸ್ತ್ರಚಿಕಿತ್ಸೆ ಅಗತ್ಯವಿದ್ದಲ್ಲಿ ಬಡ ರೋಗಿಗಳಿಗೆ ಉಚಿತವಾಗಿ ಕನ್ನಡಕ ನೀಡಲಾಗುತ್ತಿದೆ ಎಂದರು. ಈ ಕ್ಯಾಂಪ್‌ನಲ್ಲಿ ಡಾ.ಕೆವಿದರ್ ಮಾತನಾಡಿ ಕಣ್ಣಿನ ಆರೋಗ್ಯದ ಬಗ್ಗೆ ಮಾಹಿತಿ ನೀಡಿದರು. ಆದರೆ ಕಣ್ಣಿನ ಕಾಲಕಾಲಕ್ಕೆ ಪರೀಕ್ಷೆ ಮಾಡಿಸಿಕೊಳ್ಳದೆ ನಿರ್ಲಕ್ಷ್ಯ ಮಾಡುವುದೇ ಅಂಧತ್ವಕ್ಕೆ ಕಾರಣ ಎಂದರು. ಈ ಕೇಸರ ಆರೋಗ್ಯ ಇಲಾಖೆ ವತಿಯಿಂದ ಕಣ್ಣಿನ ಶಸ್ತ್ರ ಚಿಕಿತ್ಸೆ ಮೂಲಕ ನಡೆಸಲಿದೆ. ನೇತ್ರ ತಪಾಸಣೆ ಹಾಗೂ ಶಸ್ತ್ರ ಚಿಕಿತ್ಸೆಗೆ ಇಲಾಖೆ ಸಕಲ ವ್ಯವಸ್ಥೆ ಮಾಡಲಿದೆ. ಕೇಂದ್ರದ
ಮೊದಲ ದಿನವೇ ನೂರಕ್ಕೂ ಹೆಚ್ಚು ಮಂದಿ ತಪಾಸಣೆಗೆ ಒಳಪಟ್ಟಿದ್ದಾರೆ. ತಾಲ್ಲೂಕಿನ ಸಾರ್ವಜನಿಕರು ಈ ಕಣ್ಣಿನ ಕೇಂದ್ರದ ಉಪಯೋಗ ಪಡೆದುಕೊಳ್ಳಲು ಮನವಿ ಮಾಡಿದರು. ನೇತ್ರ ವೈದ್ಯೆ ಡಾ. ಕುಸುಮಾ ಮಾತನಾಡಿ ಕಣ್ಣುಗಳ ರಕ್ಷಣೆಗೆ ಹೆಚ್ಚು ಹಸಿರು ತರಕಾರಿ ಹಾಗೂ ಹಳದಿ ಕೆಂಪು ಹಣ್ಣುಗಳ ಸೇವನೆ ಮಾಡಬೇಕು. ಸಕ್ಕರೆ ಕಾಯಿಲೆ ಉಲ್ಬಣಗೊಂಡರೆ ರೆಟಿನೋಪತಿ ಕಾಯಿಲೆಯಿಂದ ಕಣ್ಣಿನ ದೃಷ್ಟಿ ಹೋಗುವ ಸಾಧ್ಯತೆ ಹೆಚ್ಚುತ್ತದೆ. ಈ ನಿಟ್ಟಿನಲ್ಲಿ ಕಣ್ಣಿನ ಬಗ್ಗೆ ಎಚ್ಚರ ವಹಿಸಿ ಕಣ್ಣುಗಳನ್ನು ರಕ್ಷಿಸಿಕೊಳ್ಳಿ ಎಂದು ಸೂಚಿಸಿದರು. ಈ ಸಂದರ್ಭದಲ್ಲಿ ಕಣ್ಣಿನ ಪರೀಕ್ಷೆಗೆ ಒಳಗಾದ ರೋಗಿಗಳಿಗೆ ಉಚಿತ ಚಿಕಿತ್ಸೆ ನೀಡಲಾಯಿತು. ಹಾಗೂ ಆನ್ ಲೈನ್ ಮೂಲಕ ವಿಕಲಾಂಗರು ಮಾಹಿತಿ ನೀಡಲಾಯಿತು. ಈ ಕಾರ್ಯಕ್ರಮದಲ್ಲಿ ಕಾರ್ಯಕ್ರಮದಲ್ಲಿ ಪಾಲ್ಗೊಂಡರು. ನೇತ್ರ ಪರೀಕ್ಷಕ ಆರ್.ವಿ.ಗೌಡ ಸೇರಿದಂತೆ ಎಲ್ಲಾ ಸಿಬ್ಬಂದಿಗಳು ಇದ್ದರು.
ತುಮಕೂರು: ನಗರದ ಎಂಜಿ ರೋಡ್ 2ನೇ ಕ್ರಾಸ್‌ನಲ್ಲಿರುವ ಗ್ಲಾಮರ್ ಹಬ್ ಸಲೂನ್‌ನಲ್ಲಿ ವಸುಂಧರ ಫೌಂಡೇಷನ್ (ರಿ.)ವತಿಯಿಂದ 30 ದಿನಗಳ ಉಚಿತ ಬೇಸಿಕ್ ಬ್ಯೂಟಿಷಿಯನ್ ತರಬೇತಿ ನೀಡಲಾಯಿತು. ಜೂನ್ ಬ್ಯಾಚ್ ಮುಕ್ತಾಯಗೊಂಡ ಹಿನ್ನಲೆಯಲ್ಲಿ ಜೂನ್ ಬ್ಯಾಚ್‌ನ ವಿದ್ಯಾರ್ಥಿಗಳಿಗೆ ಸರ್ಟಿಫಿಕೇಟ್ ನೀಡಲಾಯಿತು. ಜುಲೈ ಬ್ಯಾಚ್ ಸಹ ಪ್ರಾರಂಭವಾಗಿದ್ದು ಉತ್ತಮ ರೀತಿಯಲ್ಲಿ ನಡೆಯುತ್ತಿದೆ,ಇಂತಹ ಸುವರ್ಣಾವಕಾಶವನ್ನು ಮಹಿಳೆಯರು ಉಪಯೋಗ ಮಾಡಿಕೊಂಡಿದ್ದಕ್ಕೆ ವೇದಾವರು ಧನ್ಯವಾದಗಳನ್ನು ತಿಳಿಸಿದರು. ವಸುಂಧರ ಫೌಂಡೇಷನಿಂದ ಮಮತ ಹಾಗೂ ರಕ್ಷಿತ, ತರಬೇತಿ ಪಡೆಯುತ್ತಿದ್ದ ವಿದ್ಯಾರ್ಥಿಗಳು ಉಪಸ್ಥಿತರಿದ್ದರು.
PRINTED BY: T.S.KRISHNAMURTHY, ANJANADRI PRINTERS, 4th CROSS, VINAYAKANAGARA, TUMAKURU-572101. KARNATAKA. PUBLISHED BY: T.S.KRISHNAMURTHY, THOVINAKERE (POST), KORATAGERE TALUK, TUMAKURU DIST.- 572138, KARNATAKA. OWNED BY: T.S.KRISHNAMURTHY, THOVINAKERE(POST), KORATAGERETALUK, TUMAKURU DIST.- 572138 KARNATAKA. PRNTED AT: ANJANADRI PRINTERS, 4th CROSS, VINAYAKANAGARA, TUMAKURU-572101. KARNATAKA, PUBLISHED AT: TUMAKURU, THOVINAKERE (POST), KORATAGERETALUK, TUMAKURU DIST. - 572138. KARNATAKA.
EDITOR: T.S.KRISHNAMURTHY, THOVINAKERE (POST), KORATAGERETALUK, TUMAKURU DIST.- 572138. KARNATAKA.
